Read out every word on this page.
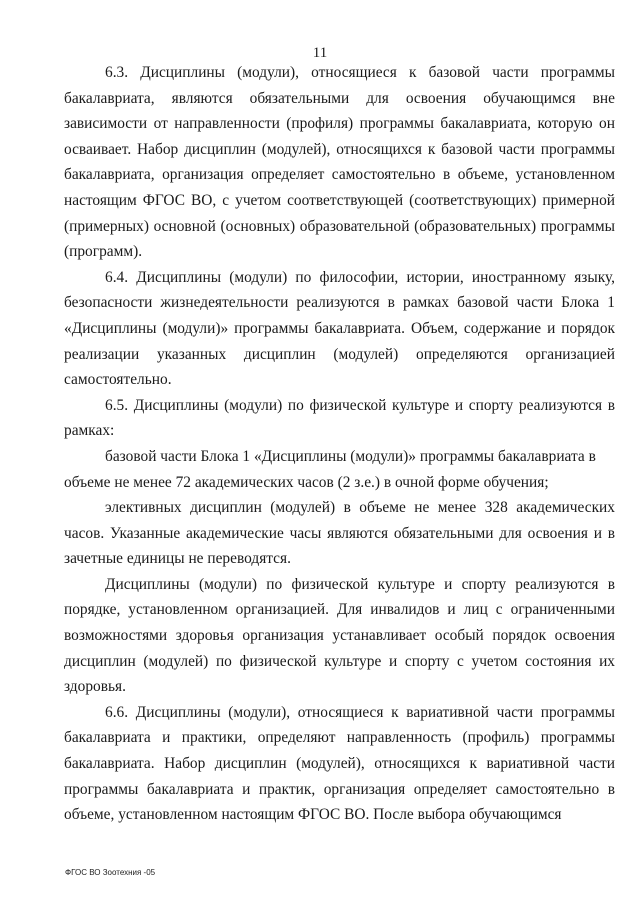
11

6.3. Дисциплины (модули), относящиеся к базовой части программы бакалавриата, являются обязательными для освоения обучающимся вне зависимости от направленности (профиля) программы бакалавриата, которую он осваивает. Набор дисциплин (модулей), относящихся к базовой части программы бакалавриата, организация определяет самостоятельно в объеме, установленном настоящим ФГОС ВО, с учетом соответствующей (соответствующих) примерной (примерных) основной (основных) образовательной (образовательных) программы (программ).

6.4. Дисциплины (модули) по философии, истории, иностранному языку, безопасности жизнедеятельности реализуются в рамках базовой части Блока 1 «Дисциплины (модули)» программы бакалавриата. Объем, содержание и порядок реализации указанных дисциплин (модулей) определяются организацией самостоятельно.

6.5. Дисциплины (модули) по физической культуре и спорту реализуются в рамках:

базовой части Блока 1 «Дисциплины (модули)» программы бакалавриата в объеме не менее 72 академических часов (2 з.е.) в очной форме обучения;

элективных дисциплин (модулей) в объеме не менее 328 академических часов. Указанные академические часы являются обязательными для освоения и в зачетные единицы не переводятся.

Дисциплины (модули) по физической культуре и спорту реализуются в порядке, установленном организацией. Для инвалидов и лиц с ограниченными возможностями здоровья организация устанавливает особый порядок освоения дисциплин (модулей) по физической культуре и спорту с учетом состояния их здоровья.

6.6. Дисциплины (модули), относящиеся к вариативной части программы бакалавриата и практики, определяют направленность (профиль) программы бакалавриата. Набор дисциплин (модулей), относящихся к вариативной части программы бакалавриата и практик, организация определяет самостоятельно в объеме, установленном настоящим ФГОС ВО. После выбора обучающимся

ФГОС ВО Зоотехния -05
